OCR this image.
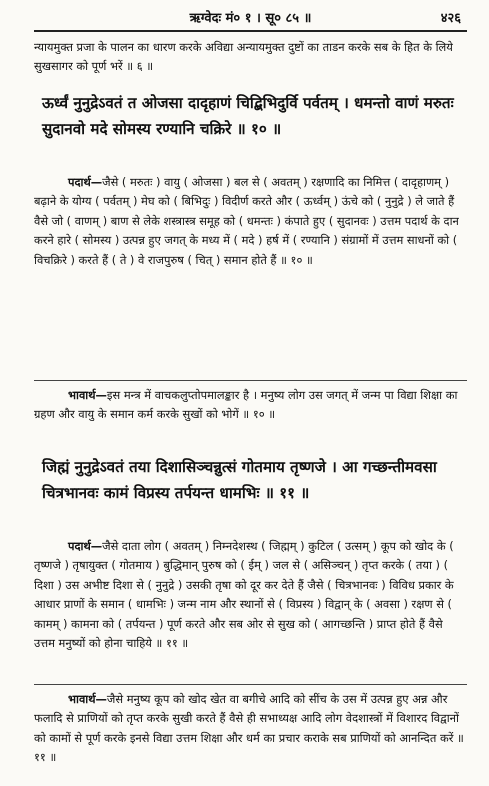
ऋग्वेदः मं० १ । सू० ८५ ॥	४२६
न्यायमुक्त प्रजा के पालन का धारण करके अविद्या अन्यायमुक्त दुष्टों का ताडन करके सब के हित के लिये सुखसागर को पूर्ण भरें ॥ ६ ॥
ऊर्ध्वं नुनुद्रेऽवतं त ओजसा दादृहाणं चिद्बिभिदुर्वि पर्वतम् । धमन्तो वाणं मरुतः सुदानवो मदे सोमस्य रण्यानि चक्रिरे ॥ १० ॥
पदार्थ—जैसे ( मरुतः ) वायु ( ओजसा ) बल से ( अवतम् ) रक्षणादि का निमित्त ( दादृहाणम् ) बढ़ाने के योग्य ( पर्वतम् ) मेघ को ( बिभिदुः ) विदीर्ण करते और ( ऊर्ध्वम् ) ऊंचे को ( नुनुद्रे ) ले जाते हैं वैसे जो ( वाणम् ) बाण से लेके शस्त्रास्त्र समूह को ( धमन्तः ) कंपाते हुए ( सुदानवः ) उत्तम पदार्थ के दान करने हारे ( सोमस्य ) उत्पन्न हुए जगत् के मध्य में ( मदे ) हर्ष में ( रण्यानि ) संग्रामों में उत्तम साधनों को ( विचक्रिरे ) करते हैं ( ते ) वे राजपुरुष ( चित् ) समान होते हैं ॥ १० ॥
भावार्थ—इस मन्त्र में वाचकलुप्तोपमालङ्कार है । मनुष्य लोग उस जगत् में जन्म पा विद्या शिक्षा का ग्रहण और वायु के समान कर्म करके सुखों को भोगें ॥ १० ॥
जिह्मं नुनुद्रेऽवतं तया दिशासिञ्चन्नुत्सं गोतमाय तृष्णजे । आ गच्छन्तीमवसा चित्रभानवः कामं विप्रस्य तर्पयन्त धामभिः ॥ ११ ॥
पदार्थ—जैसे दाता लोग ( अवतम् ) निम्नदेशस्थ ( जिह्मम् ) कुटिल ( उत्सम् ) कूप को खोद के ( तृष्णजे ) तृषायुक्त ( गोतमाय ) बुद्धिमान् पुरुष को ( ईम् ) जल से ( असिञ्चन् ) तृप्त करके ( तया ) ( दिशा ) उस अभीष्ट दिशा से ( नुनुद्रे ) उसकी तृषा को दूर कर देते हैं जैसे ( चित्रभानवः ) विविध प्रकार के आधार प्राणों के समान ( धामभिः ) जन्म नाम और स्थानों से ( विप्रस्य ) विद्वान् के ( अवसा ) रक्षण से ( कामम् ) कामना को ( तर्पयन्त ) पूर्ण करते और सब ओर से सुख को ( आगच्छन्ति ) प्राप्त होते हैं वैसे उत्तम मनुष्यों को होना चाहिये ॥ ११ ॥
भावार्थ—जैसे मनुष्य कूप को खोद खेत वा बगीचे आदि को सींच के उस में उत्पन्न हुए अन्न और फलादि से प्राणियों को तृप्त करके सुखी करते हैं वैसे ही सभाध्यक्ष आदि लोग वेदशास्त्रों में विशारद विद्वानों को कामों से पूर्ण करके इनसे विद्या उत्तम शिक्षा और धर्म का प्रचार कराके सब प्राणियों को आनन्दित करें ॥ ११ ॥
